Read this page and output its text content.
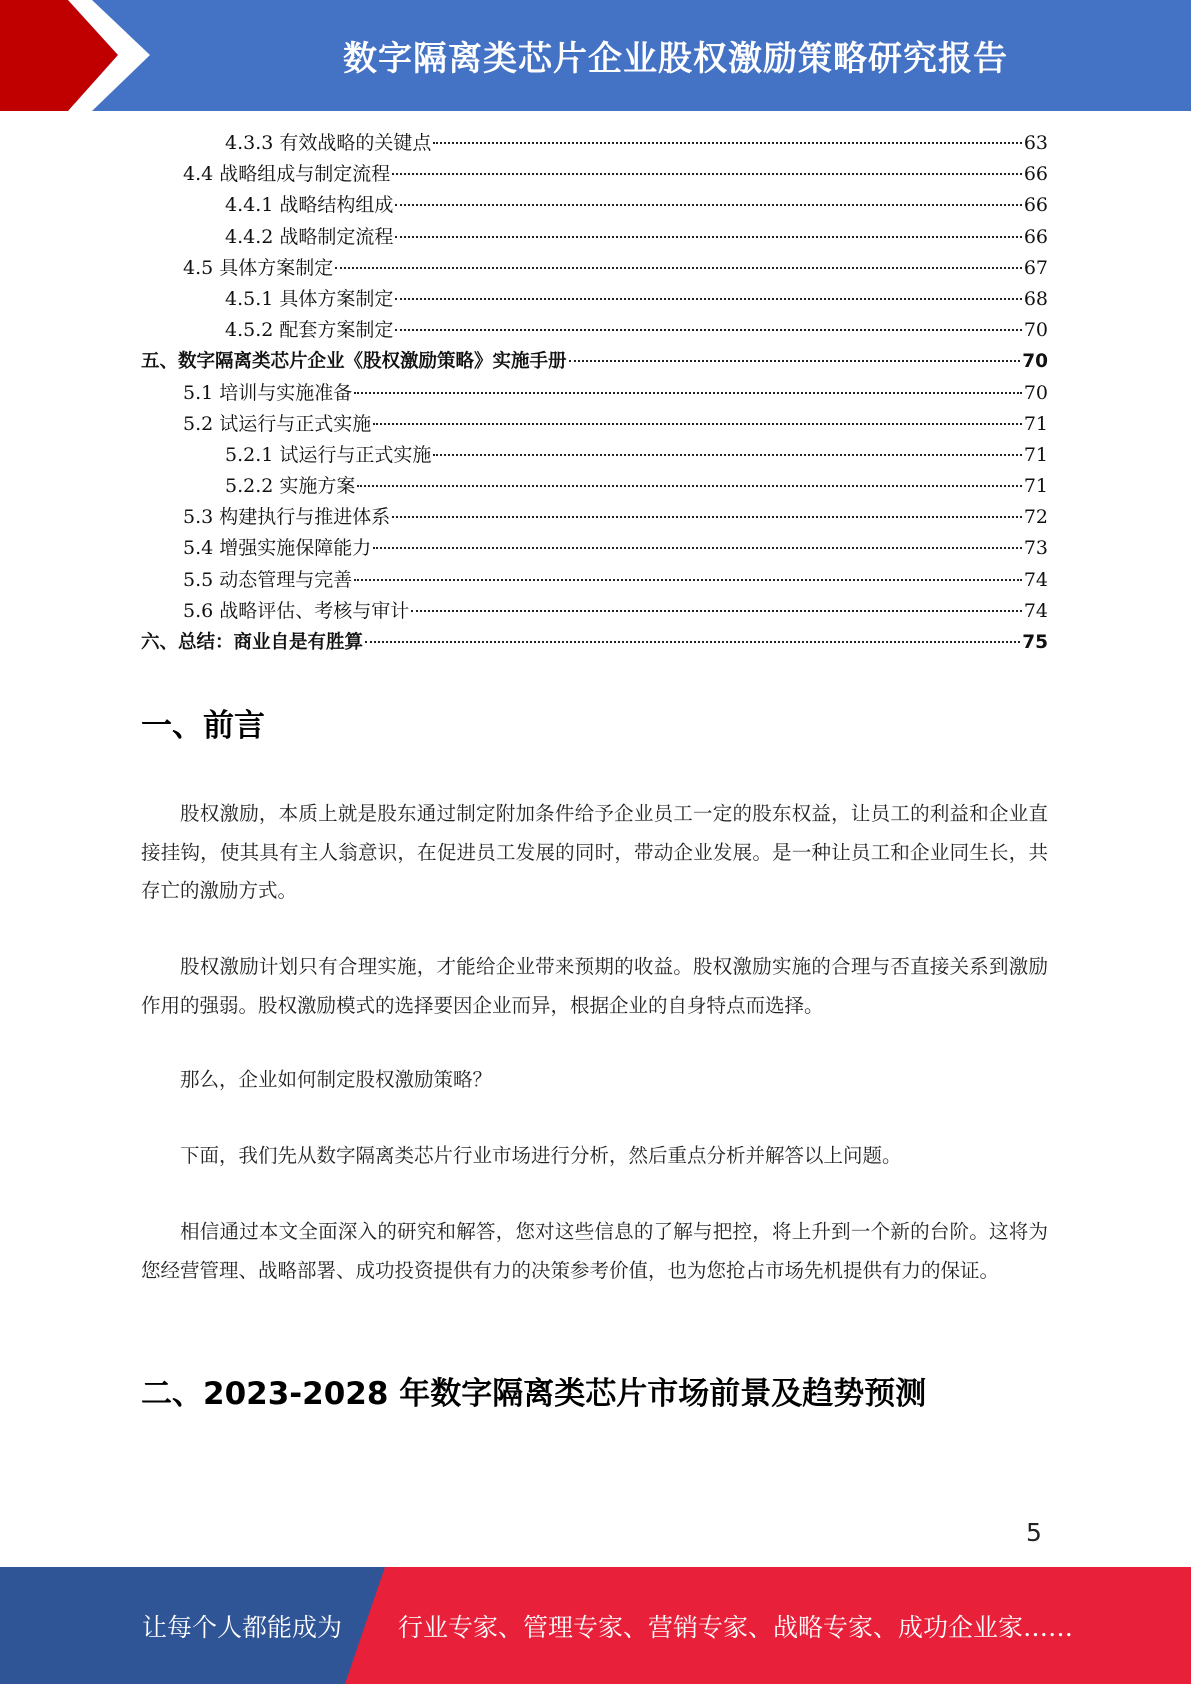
数字隔离类芯片企业股权激励策略研究报告
4.3.3 有效战略的关键点	63
4.4 战略组成与制定流程	66
4.4.1 战略结构组成	66
4.4.2 战略制定流程	66
4.5 具体方案制定	67
4.5.1 具体方案制定	68
4.5.2 配套方案制定	70
五、数字隔离类芯片企业《股权激励策略》实施手册	70
5.1 培训与实施准备	70
5.2 试运行与正式实施	71
5.2.1 试运行与正式实施	71
5.2.2 实施方案	71
5.3 构建执行与推进体系	72
5.4 增强实施保障能力	73
5.5 动态管理与完善	74
5.6 战略评估、考核与审计	74
六、总结：商业自是有胜算	75
一、前言
股权激励，本质上就是股东通过制定附加条件给予企业员工一定的股东权益，让员工的利益和企业直接挂钩，使其具有主人翁意识，在促进员工发展的同时，带动企业发展。是一种让员工和企业同生长，共存亡的激励方式。
股权激励计划只有合理实施，才能给企业带来预期的收益。股权激励实施的合理与否直接关系到激励作用的强弱。股权激励模式的选择要因企业而异，根据企业的自身特点而选择。
那么，企业如何制定股权激励策略？
下面，我们先从数字隔离类芯片行业市场进行分析，然后重点分析并解答以上问题。
相信通过本文全面深入的研究和解答，您对这些信息的了解与把控，将上升到一个新的台阶。这将为您经营管理、战略部署、成功投资提供有力的决策参考价值，也为您抢占市场先机提供有力的保证。
二、2023-2028 年数字隔离类芯片市场前景及趋势预测
5
让每个人都能成为 行业专家、管理专家、营销专家、战略专家、成功企业家……
